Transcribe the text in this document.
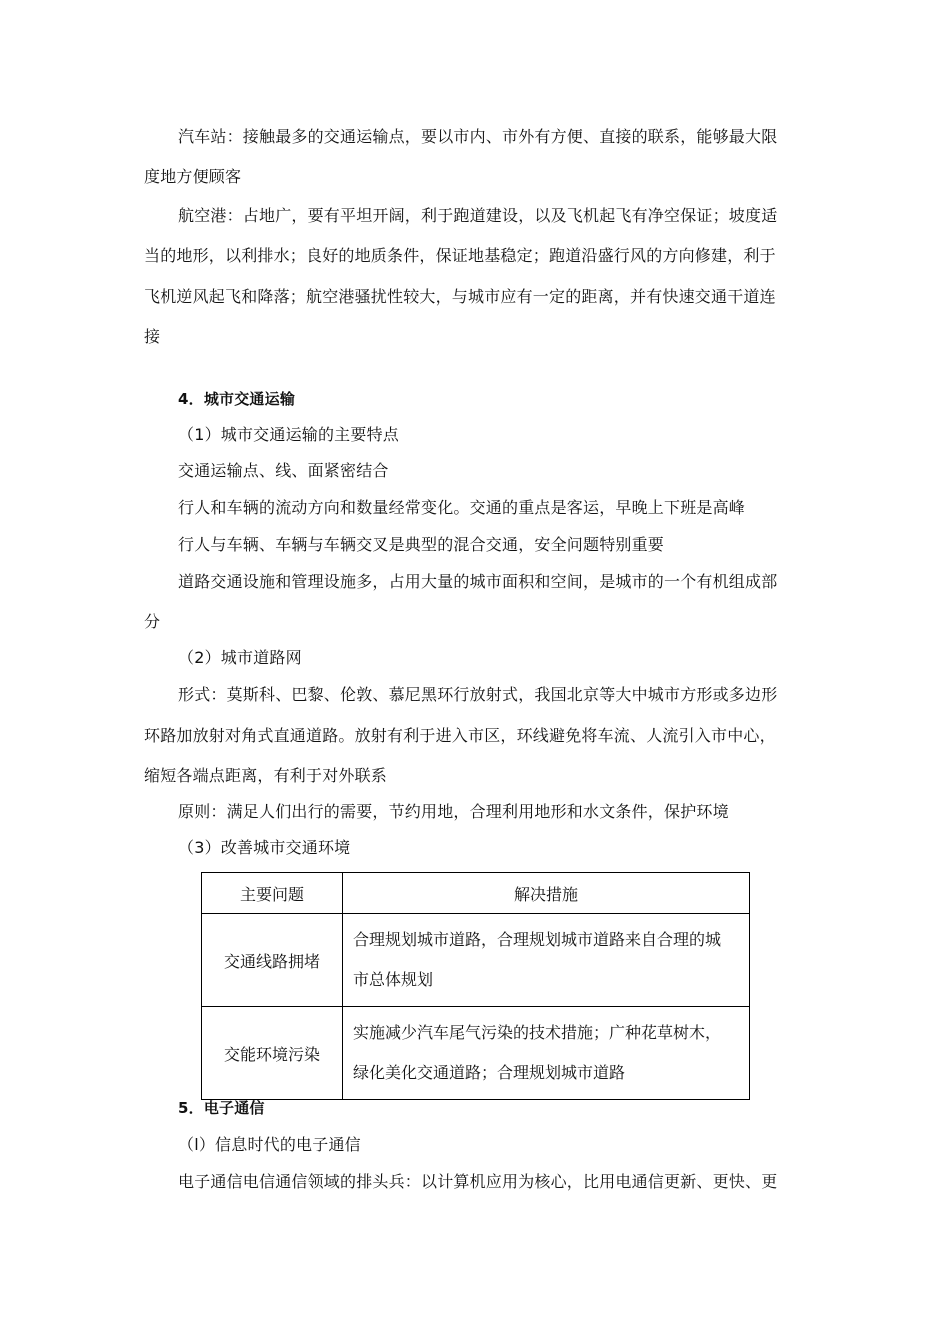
汽车站：接触最多的交通运输点，要以市内、市外有方便、直接的联系，能够最大限
度地方便顾客
航空港：占地广，要有平坦开阔，利于跑道建设，以及飞机起飞有净空保证；坡度适
当的地形，以利排水；良好的地质条件，保证地基稳定；跑道沿盛行风的方向修建，利于
飞机逆风起飞和降落；航空港骚扰性较大，与城市应有一定的距离，并有快速交通干道连
接
4．城市交通运输
（1）城市交通运输的主要特点
交通运输点、线、面紧密结合
行人和车辆的流动方向和数量经常变化。交通的重点是客运，早晚上下班是高峰
行人与车辆、车辆与车辆交叉是典型的混合交通，安全问题特别重要
道路交通设施和管理设施多，占用大量的城市面积和空间，是城市的一个有机组成部
分
（2）城市道路网
形式：莫斯科、巴黎、伦敦、慕尼黑环行放射式，我国北京等大中城市方形或多边形
环路加放射对角式直通道路。放射有利于进入市区，环线避免将车流、人流引入市中心，
缩短各端点距离，有利于对外联系
原则：满足人们出行的需要，节约用地，合理利用地形和水文条件，保护环境
（3）改善城市交通环境
主要问题	解决措施
交通线路拥堵	合理规划城市道路，合理规划城市道路来自合理的城
市总体规划

交能环境污染	实施减少汽车尾气污染的技术措施；广种花草树木，
绿化美化交通道路；合理规划城市道路
5．电子通信
（l）信息时代的电子通信
电子通信电信通信领域的排头兵：以计算机应用为核心，比用电通信更新、更快、更
